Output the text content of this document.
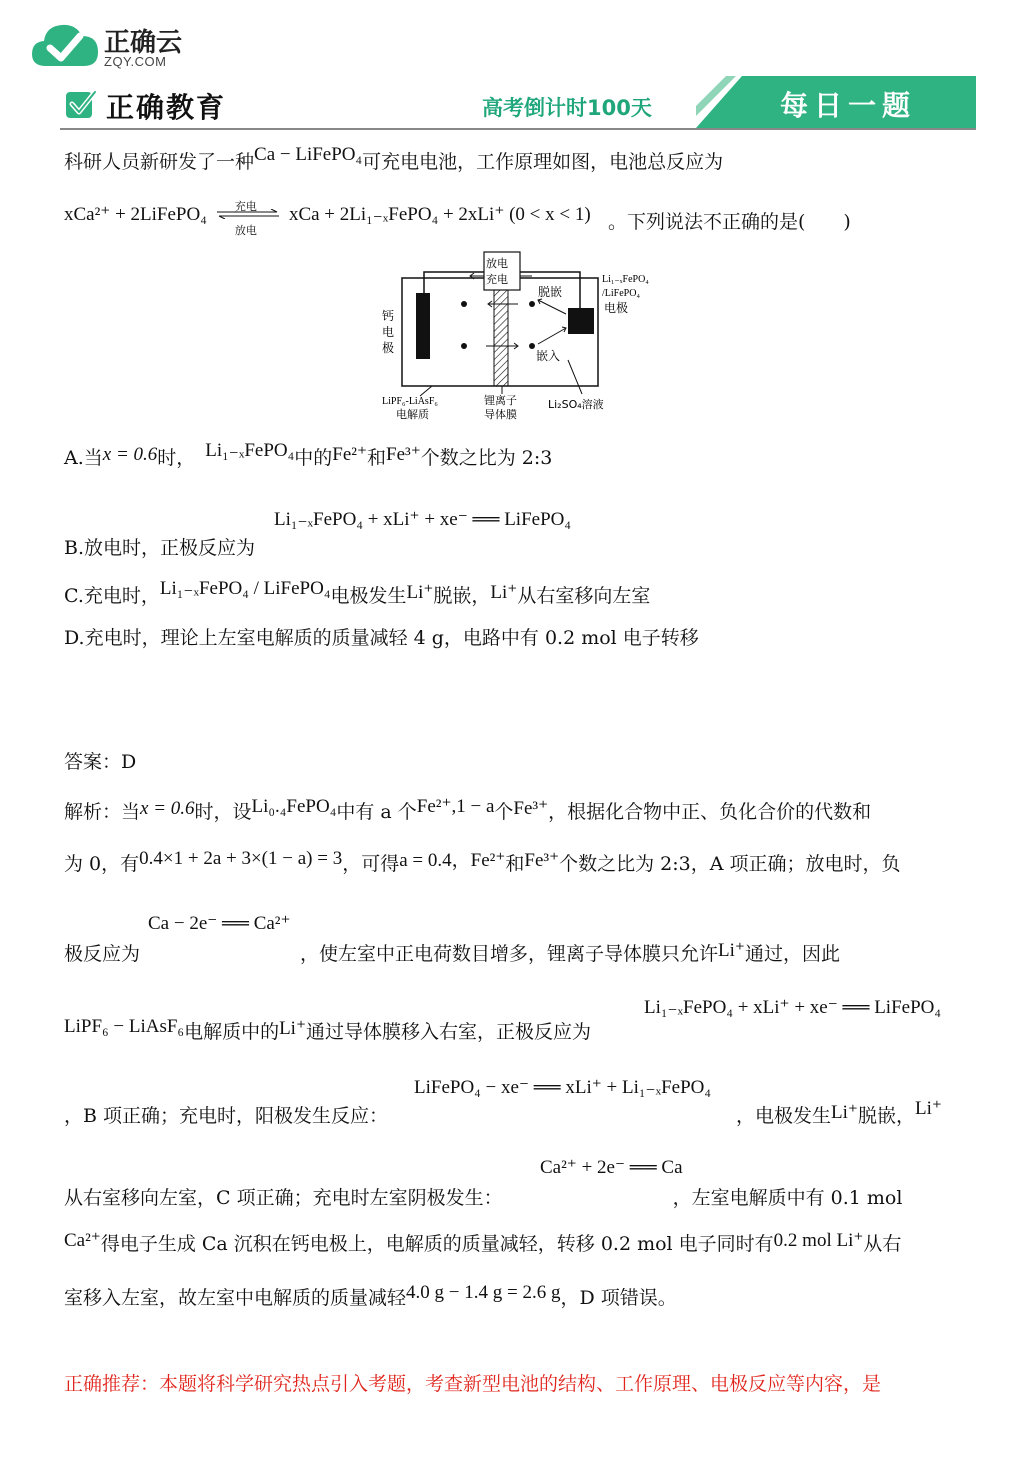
正确云
ZQY.COM
正确教育	高考倒计时100天	每日一题
科研人员新研发了一种Ca − LiFePO₄可充电电池，工作原理如图，电池总反应为
xCa²⁺ + 2LiFePO₄	充电
放电
xCa + 2Li₁₋ₓFePO₄ + 2xLi⁺ (0 < x < 1) 。下列说法不正确的是(　　)
放电
充电
脱嵌
嵌入
钙
电
极
Li₁₋ₓFePO₄
/LiFePO₄
电极
LiPF₆-LiAsF₆
电解质
锂离子
导体膜
Li₂SO₄溶液
A.当x = 0.6时， Li₁₋ₓFePO₄中的Fe²⁺和Fe³⁺个数之比为 2:3
Li₁₋ₓFePO₄ + xLi⁺ + xe⁻ ══ LiFePO₄
B.放电时，正极反应为
C.充电时，Li₁₋ₓFePO₄ / LiFePO₄电极发生Li⁺脱嵌，Li⁺从右室移向左室
D.充电时，理论上左室电解质的质量减轻 4 g，电路中有 0.2 mol 电子转移
答案：D
解析：当x = 0.6时，设Li₀.₄FePO₄中有 a 个Fe²⁺,1 − a个Fe³⁺，根据化合物中正、负化合价的代数和
为 0，有0.4×1 + 2a + 3×(1 − a) = 3，可得a = 0.4，Fe²⁺和Fe³⁺个数之比为 2:3，A 项正确；放电时，负
Ca − 2e⁻ ══ Ca²⁺
极反应为	，使左室中正电荷数目增多，锂离子导体膜只允许Li⁺通过，因此
Li₁₋ₓFePO₄ + xLi⁺ + xe⁻ ══ LiFePO₄
LiPF₆ − LiAsF₆电解质中的Li⁺通过导体膜移入右室，正极反应为
LiFePO₄ − xe⁻ ══ xLi⁺ + Li₁₋ₓFePO₄
，B 项正确；充电时，阳极发生反应：	，电极发生Li⁺脱嵌，Li⁺
Ca²⁺ + 2e⁻ ══ Ca
从右室移向左室，C 项正确；充电时左室阴极发生：	，左室电解质中有 0.1 mol
Ca²⁺得电子生成 Ca 沉积在钙电极上，电解质的质量减轻，转移 0.2 mol 电子同时有0.2 mol Li⁺从右
室移入左室，故左室中电解质的质量减轻4.0 g − 1.4 g = 2.6 g，D 项错误。
正确推荐：本题将科学研究热点引入考题，考查新型电池的结构、工作原理、电极反应等内容，是
